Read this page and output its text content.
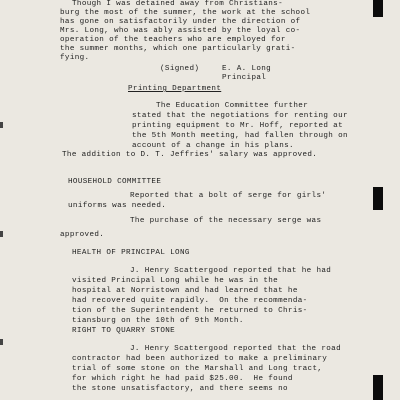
Though I was detained away from Christians-
burg the most of the summer, the work at the school
has gone on satisfactorily under the direction of
Mrs. Long, who was ably assisted by the loyal co-
operation of the teachers who are employed for
the summer months, which one particularly grati-
fying.
(Signed)	E. A. Long
Principal
Printing Department
The Education Committee further
stated that the negotiations for renting our
printing equipment to Mr. Hoff, reported at
the 5th Month meeting, had fallen through on
account of a change in his plans.
The addition to D. T. Jeffries' salary was approved.
HOUSEHOLD COMMITTEE
Reported that a bolt of serge for girls'
uniforms was needed.
The purchase of the necessary serge was
approved.
HEALTH OF PRINCIPAL LONG
J. Henry Scattergood reported that he had
visited Principal Long while he was in the
hospital at Norristown and had learned that he
had recovered quite rapidly.  On the recommenda-
tion of the Superintendent he returned to Chris-
tiansburg on the 10th of 9th Month.
RIGHT TO QUARRY STONE
J. Henry Scattergood reported that the road
contractor had been authorized to make a preliminary
trial of some stone on the Marshall and Long tract,
for which right he had paid $25.00.  He found
the stone unsatisfactory, and there seems no
